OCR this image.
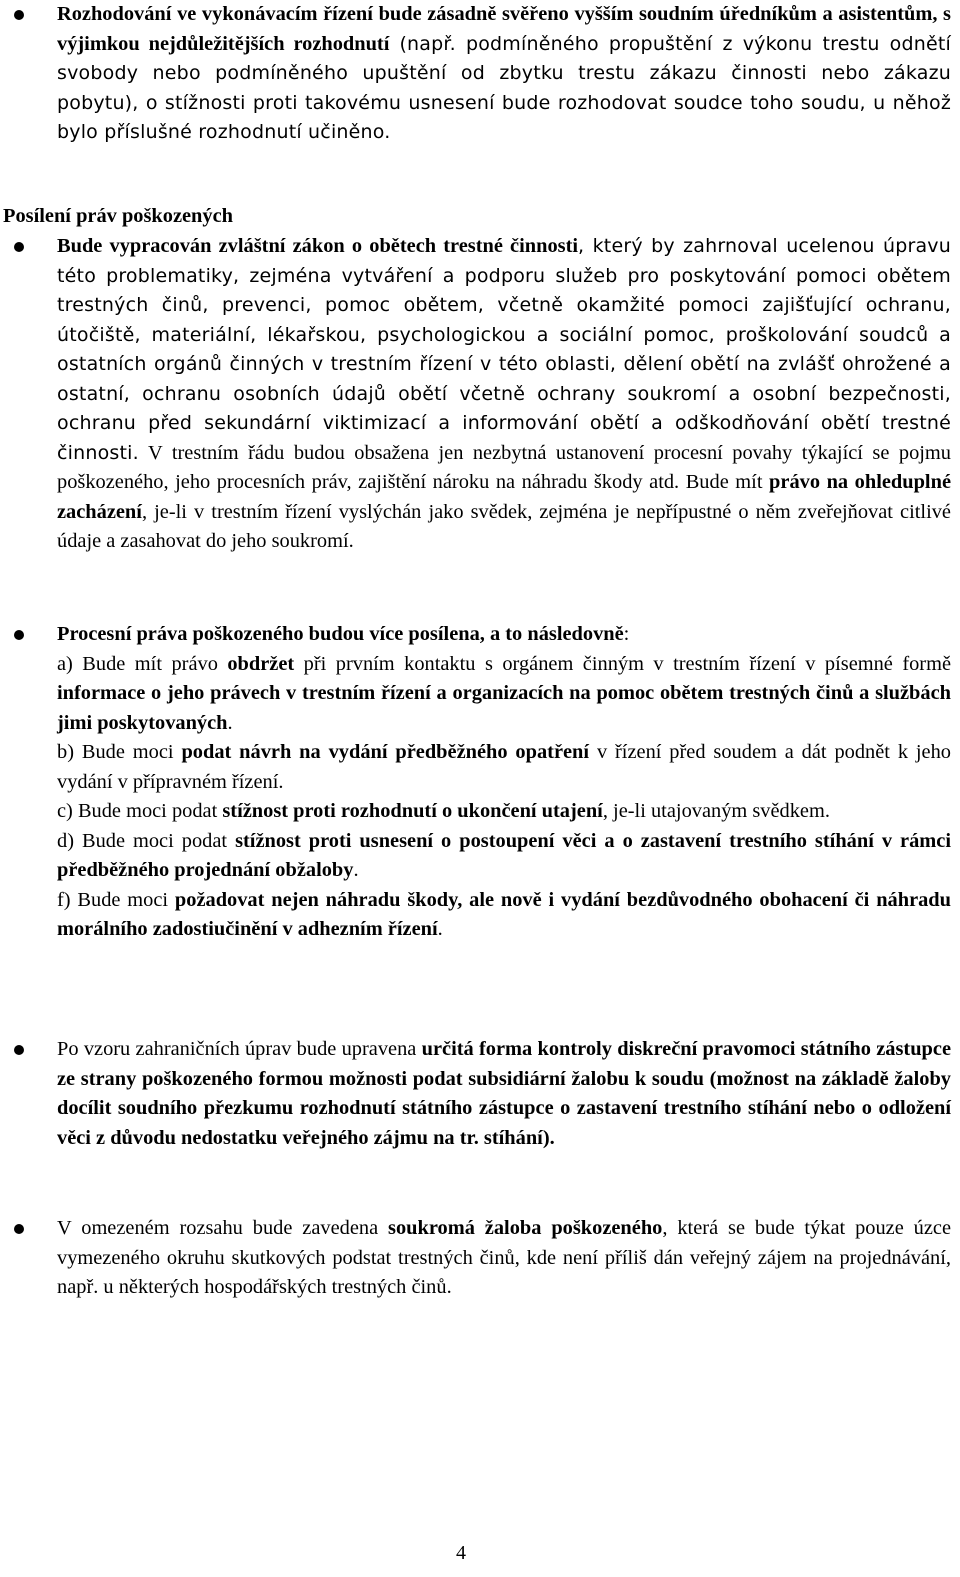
Rozhodování ve vykonávacím řízení bude zásadně svěřeno vyšším soudním úředníkům a asistentům, s výjimkou nejdůležitějších rozhodnutí (např. podmíněného propuštění z výkonu trestu odnětí svobody nebo podmíněného upuštění od zbytku trestu zákazu činnosti nebo zákazu pobytu), o stížnosti proti takovému usnesení bude rozhodovat soudce toho soudu, u něhož bylo příslušné rozhodnutí učiněno.
Posílení práv poškozených
Bude vypracován zvláštní zákon o obětech trestné činnosti, který by zahrnoval ucelenou úpravu této problematiky, zejména vytváření a podporu služeb pro poskytování pomoci obětem trestných činů, prevenci, pomoc obětem, včetně okamžité pomoci zajišťující ochranu, útočiště, materiální, lékařskou, psychologickou a sociální pomoc, proškolování soudců a ostatních orgánů činných v trestním řízení v této oblasti, dělení obětí na zvlášť ohrožené a ostatní, ochranu osobních údajů obětí včetně ochrany soukromí a osobní bezpečnosti, ochranu před sekundární viktimizací a informování obětí a odškodňování obětí trestné činnosti. V trestním řádu budou obsažena jen nezbytná ustanovení procesní povahy týkající se pojmu poškozeného, jeho procesních práv, zajištění nároku na náhradu škody atd. Bude mít právo na ohleduplné zacházení, je-li v trestním řízení vyslýchán jako svědek, zejména je nepřípustné o něm zveřejňovat citlivé údaje a zasahovat do jeho soukromí.

Procesní práva poškozeného budou více posílena, a to následovně:

a) Bude mít právo obdržet při prvním kontaktu s orgánem činným v trestním řízení v písemné formě informace o jeho právech v trestním řízení a organizacích na pomoc obětem trestných činů a službách jimi poskytovaných.

b) Bude moci podat návrh na vydání předběžného opatření v řízení před soudem a dát podnět k jeho vydání v přípravném řízení.

c) Bude moci podat stížnost proti rozhodnutí o ukončení utajení, je-li utajovaným svědkem.

d) Bude moci podat stížnost proti usnesení o postoupení věci a o zastavení trestního stíhání v rámci předběžného projednání obžaloby.

f) Bude moci požadovat nejen náhradu škody, ale nově i vydání bezdůvodného obohacení či náhradu morálního zadostiučinění v adhezním řízení.

Po vzoru zahraničních úprav bude upravena určitá forma kontroly diskreční pravomoci státního zástupce ze strany poškozeného formou možnosti podat subsidiární žalobu k soudu (možnost na základě žaloby docílit soudního přezkumu rozhodnutí státního zástupce o zastavení trestního stíhání nebo o odložení věci z důvodu nedostatku veřejného zájmu na tr. stíhání).
V omezeném rozsahu bude zavedena soukromá žaloba poškozeného, která se bude týkat pouze úzce vymezeného okruhu skutkových podstat trestných činů, kde není příliš dán veřejný zájem na projednávání, např. u některých hospodářských trestných činů.
4
